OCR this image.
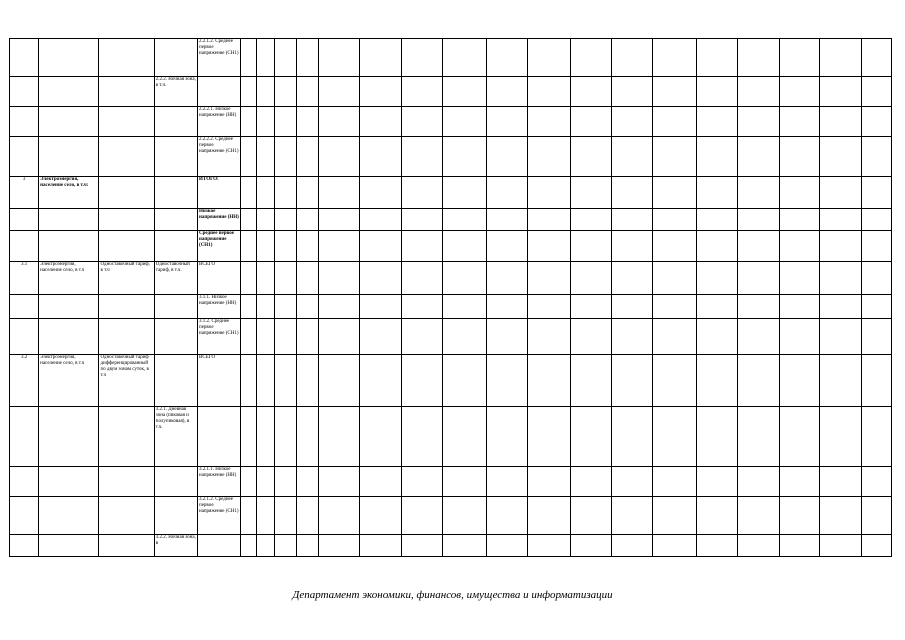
				2.2.1.2. Среднее первое напряжение (СН1)																		
			2.2.2. Ночная зона, в т.ч.																			
				2.2.2.1. Низкое напряжение (НН)																		
				2.2.2.2. Среднее первое напряжение (СН1)																		
3	Электроэнергия, население село, в т.ч:			ИТОГО:																		
				Низкое напряжение (НН)																		
				Среднее первое напряжение (СН1)																		
3.1	Электроэнергия, население село, в т.ч	Одноставочный тариф, в т.ч	Одноставочный тариф, в т.ч.	ВСЕГО																		
				3.1.1. Низкое напряжение (НН)																		
				3.1.2. Среднее первое напряжение (СН1)																		
3.2	Электроэнергия, население село, в т.ч	Одноставочный тариф дифференцированный по двум зонам суток, в т.ч		ВСЕГО																		
			3.2.1. Дневная зона (пиковая и полупиковая), в т.ч.																			
				3.2.1.1. Низкое напряжение (НН)																		
				3.2.1.2. Среднее первое напряжение (СН1)																		
			3.2.2. Ночная зона, в																			
Департамент экономики, финансов, имущества и информатизации
